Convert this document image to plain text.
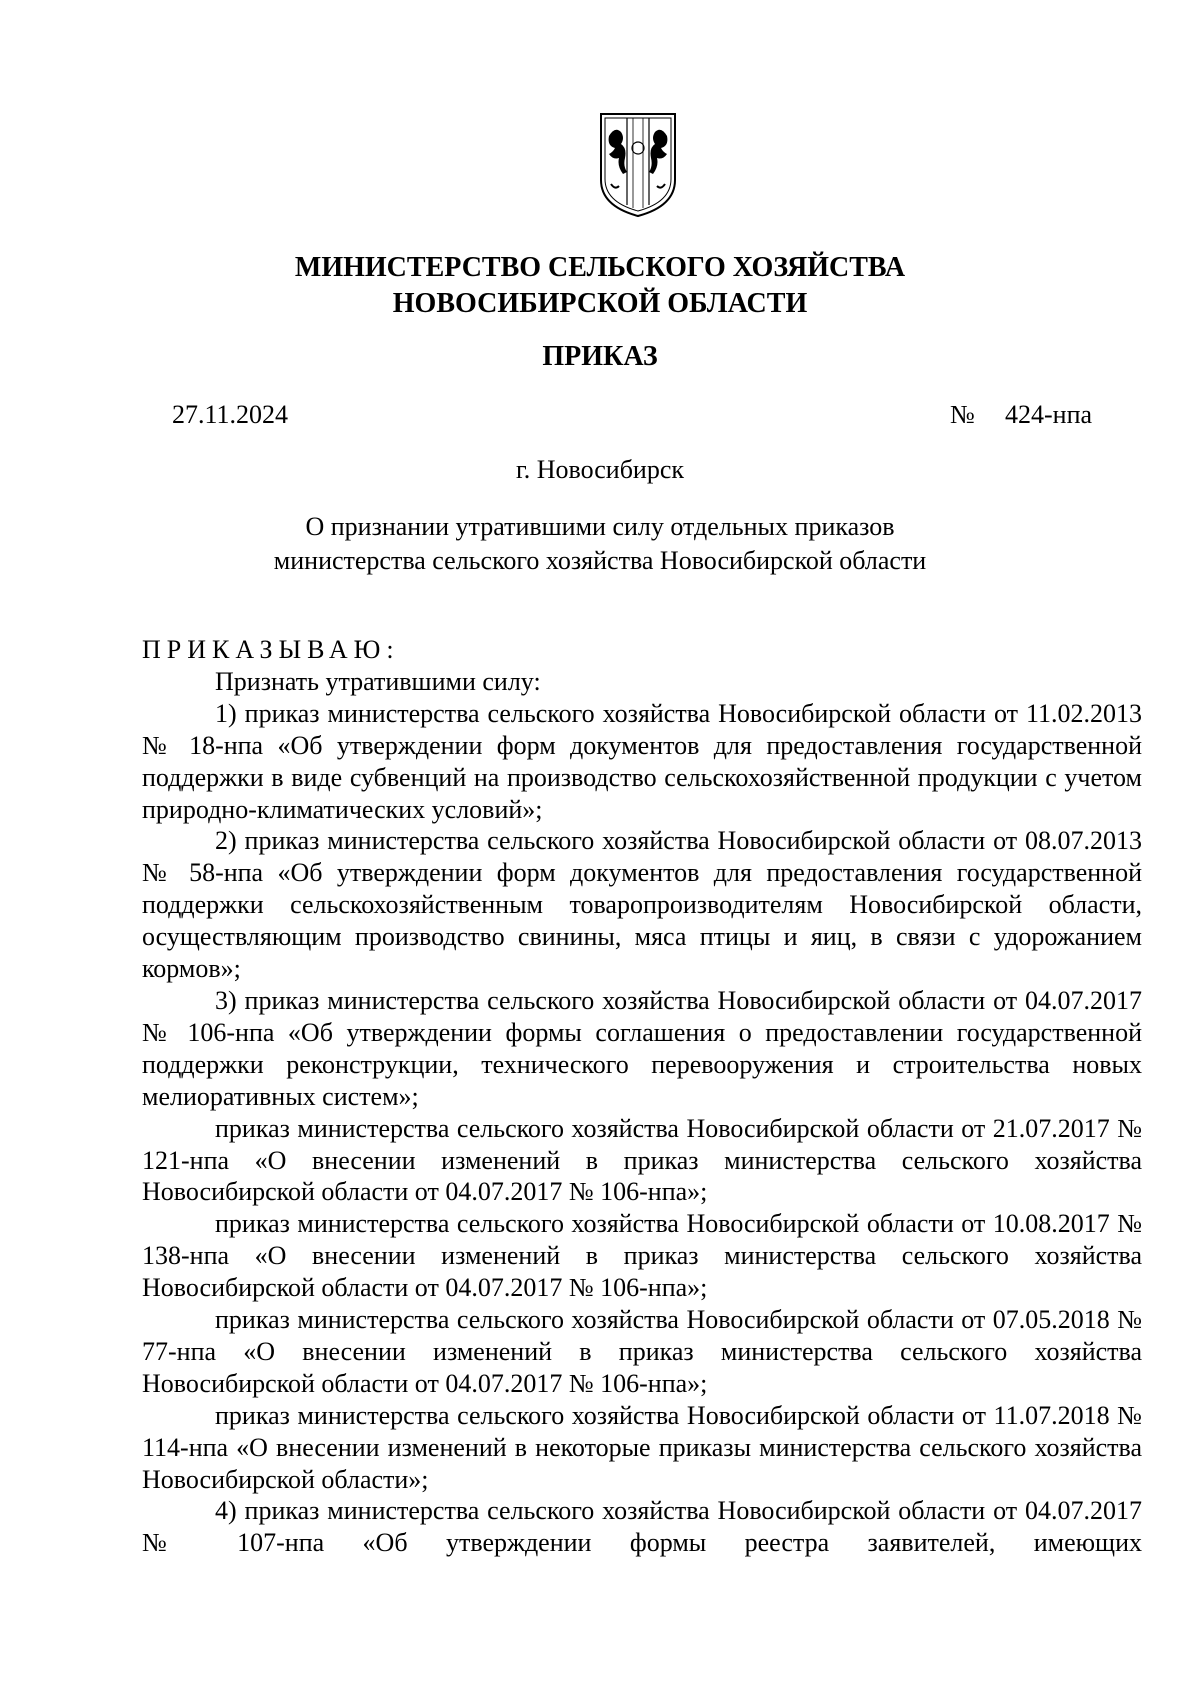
МИНИСТЕРСТВО СЕЛЬСКОГО ХОЗЯЙСТВА
НОВОСИБИРСКОЙ ОБЛАСТИ
ПРИКАЗ
27.11.2024	№ 424-нпа
г. Новосибирск
О признании утратившими силу отдельных приказов
министерства сельского хозяйства Новосибирской области

ПРИКАЗЫВАЮ:

Признать утратившими силу:

1) приказ министерства сельского хозяйства Новосибирской области от 11.02.2013 № 18-нпа «Об утверждении форм документов для предоставления государственной поддержки в виде субвенций на производство сельскохозяйственной продукции с учетом природно-климатических условий»;

2) приказ министерства сельского хозяйства Новосибирской области от 08.07.2013 № 58-нпа «Об утверждении форм документов для предоставления государственной поддержки сельскохозяйственным товаропроизводителям Новосибирской области, осуществляющим производство свинины, мяса птицы и яиц, в связи с удорожанием кормов»;

3) приказ министерства сельского хозяйства Новосибирской области от 04.07.2017 № 106-нпа «Об утверждении формы соглашения о предоставлении государственной поддержки реконструкции, технического перевооружения и строительства новых мелиоративных систем»;

приказ министерства сельского хозяйства Новосибирской области от 21.07.2017 № 121-нпа «О внесении изменений в приказ министерства сельского хозяйства Новосибирской области от 04.07.2017 № 106-нпа»;

приказ министерства сельского хозяйства Новосибирской области от 10.08.2017 № 138-нпа «О внесении изменений в приказ министерства сельского хозяйства Новосибирской области от 04.07.2017 № 106-нпа»;

приказ министерства сельского хозяйства Новосибирской области от 07.05.2018 № 77-нпа «О внесении изменений в приказ министерства сельского хозяйства Новосибирской области от 04.07.2017 № 106-нпа»;

приказ министерства сельского хозяйства Новосибирской области от 11.07.2018 № 114-нпа «О внесении изменений в некоторые приказы министерства сельского хозяйства Новосибирской области»;

4) приказ министерства сельского хозяйства Новосибирской области от 04.07.2017 № 107-нпа «Об утверждении формы реестра заявителей, имеющих
